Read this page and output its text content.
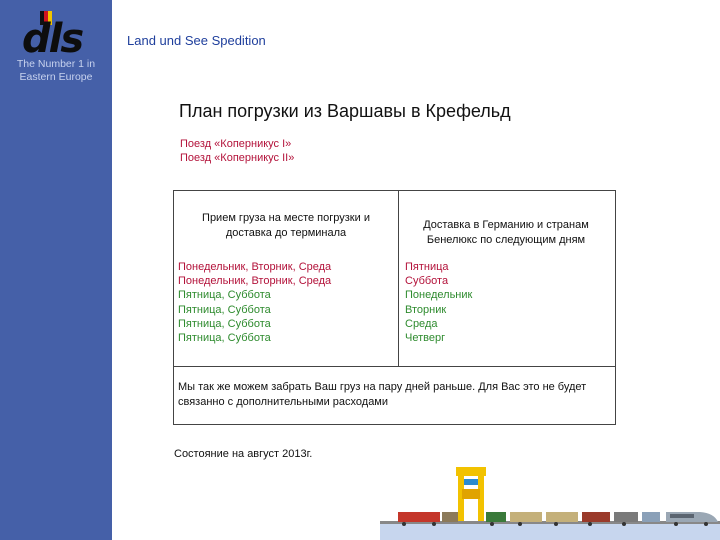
dls
The Number 1 in
Eastern Europe
Land und See Spedition
План погрузки из Варшавы в Крефельд
Поезд «Коперникус I»
Поезд «Коперникус II»
Прием груза на месте погрузки и доставка до терминала
Доставка в Германию и странам Бенелюкс по следующим дням
Понедельник, Вторник, Среда
Понедельник, Вторник, Среда
Пятница, Суббота
Пятница, Суббота
Пятница, Суббота
Пятница, Суббота
Пятница
Суббота
Понедельник
Вторник
Среда
Четверг
Мы так же можем забрать Ваш груз на пару дней раньше. Для Вас это не будет связанно с дополнительными расходами
Состояние на август 2013г.
